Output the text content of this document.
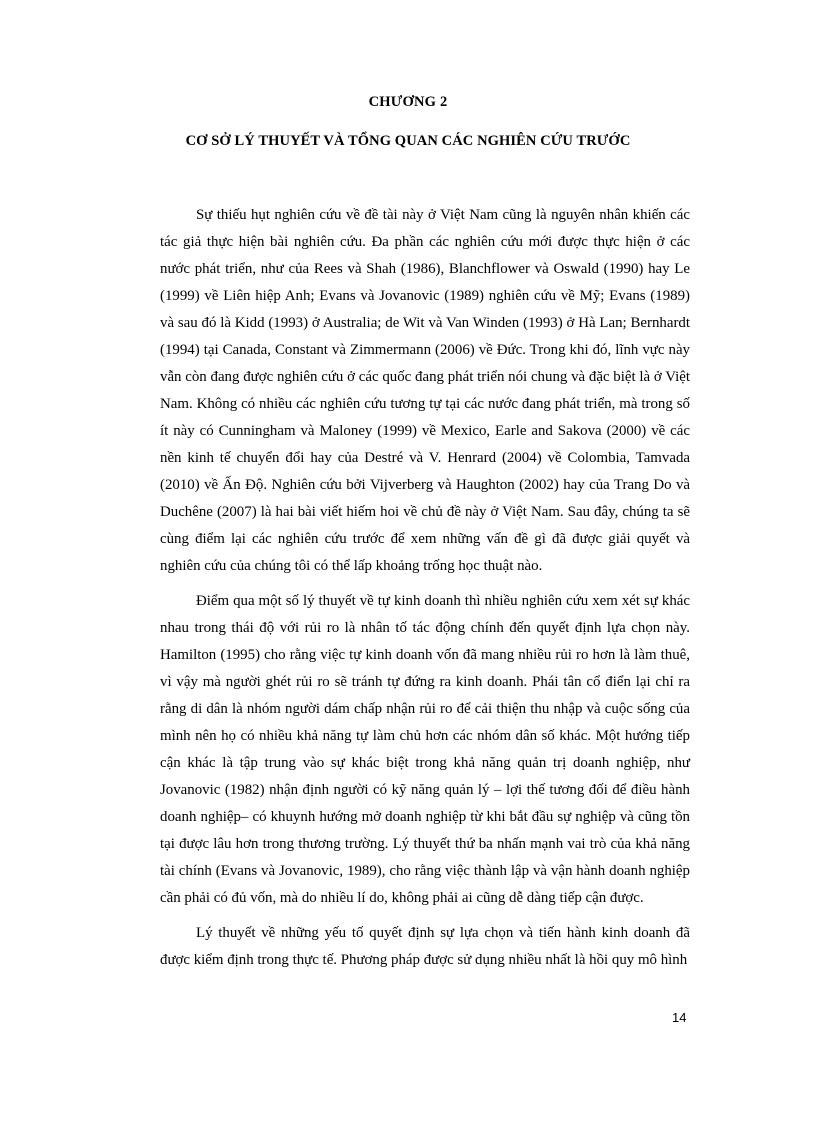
CHƯƠNG 2
CƠ SỞ LÝ THUYẾT VÀ TỔNG QUAN CÁC NGHIÊN CỨU TRƯỚC

Sự thiếu hụt nghiên cứu về đề tài này ở Việt Nam cũng là nguyên nhân khiến các tác giả thực hiện bài nghiên cứu. Đa phần các nghiên cứu mới được thực hiện ở các nước phát triển, như của Rees và Shah (1986), Blanchflower và Oswald (1990) hay Le (1999) về Liên hiệp Anh; Evans và Jovanovic (1989) nghiên cứu về Mỹ; Evans (1989) và sau đó là Kidd (1993) ở Australia; de Wit và Van Winden (1993) ở Hà Lan; Bernhardt (1994) tại Canada, Constant và Zimmermann (2006) về Đức. Trong khi đó, lĩnh vực này vẫn còn đang được nghiên cứu ở các quốc đang phát triển nói chung và đặc biệt là ở Việt Nam. Không có nhiều các nghiên cứu tương tự tại các nước đang phát triển, mà trong số ít này có Cunningham và Maloney (1999) về Mexico, Earle and Sakova (2000) về các nền kinh tế chuyển đổi hay của Destré và V. Henrard (2004) về Colombia, Tamvada (2010) về Ấn Độ. Nghiên cứu bởi Vijverberg và Haughton (2002) hay của Trang Do và Duchêne (2007) là hai bài viết hiếm hoi về chủ đề này ở Việt Nam. Sau đây, chúng ta sẽ cùng điểm lại các nghiên cứu trước để xem những vấn đề gì đã được giải quyết và nghiên cứu của chúng tôi có thể lấp khoảng trống học thuật nào.

Điểm qua một số lý thuyết về tự kinh doanh thì nhiều nghiên cứu xem xét sự khác nhau trong thái độ với rủi ro là nhân tố tác động chính đến quyết định lựa chọn này. Hamilton (1995) cho rằng việc tự kinh doanh vốn đã mang nhiều rủi ro hơn là làm thuê, vì vậy mà người ghét rủi ro sẽ tránh tự đứng ra kinh doanh. Phái tân cổ điển lại chỉ ra rằng di dân là nhóm người dám chấp nhận rủi ro để cải thiện thu nhập và cuộc sống của mình nên họ có nhiều khả năng tự làm chủ hơn các nhóm dân số khác. Một hướng tiếp cận khác là tập trung vào sự khác biệt trong khả năng quản trị doanh nghiệp, như Jovanovic (1982) nhận định người có kỹ năng quản lý – lợi thế tương đối để điều hành doanh nghiệp– có khuynh hướng mở doanh nghiệp từ khi bắt đầu sự nghiệp và cũng tồn tại được lâu hơn trong thương trường. Lý thuyết thứ ba nhấn mạnh vai trò của khả năng tài chính (Evans và Jovanovic, 1989), cho rằng việc thành lập và vận hành doanh nghiệp cần phải có đủ vốn, mà do nhiều lí do, không phải ai cũng dễ dàng tiếp cận được.

Lý thuyết về những yếu tố quyết định sự lựa chọn và tiến hành kinh doanh đã được kiểm định trong thực tế. Phương pháp được sử dụng nhiều nhất là hồi quy mô hình

14
